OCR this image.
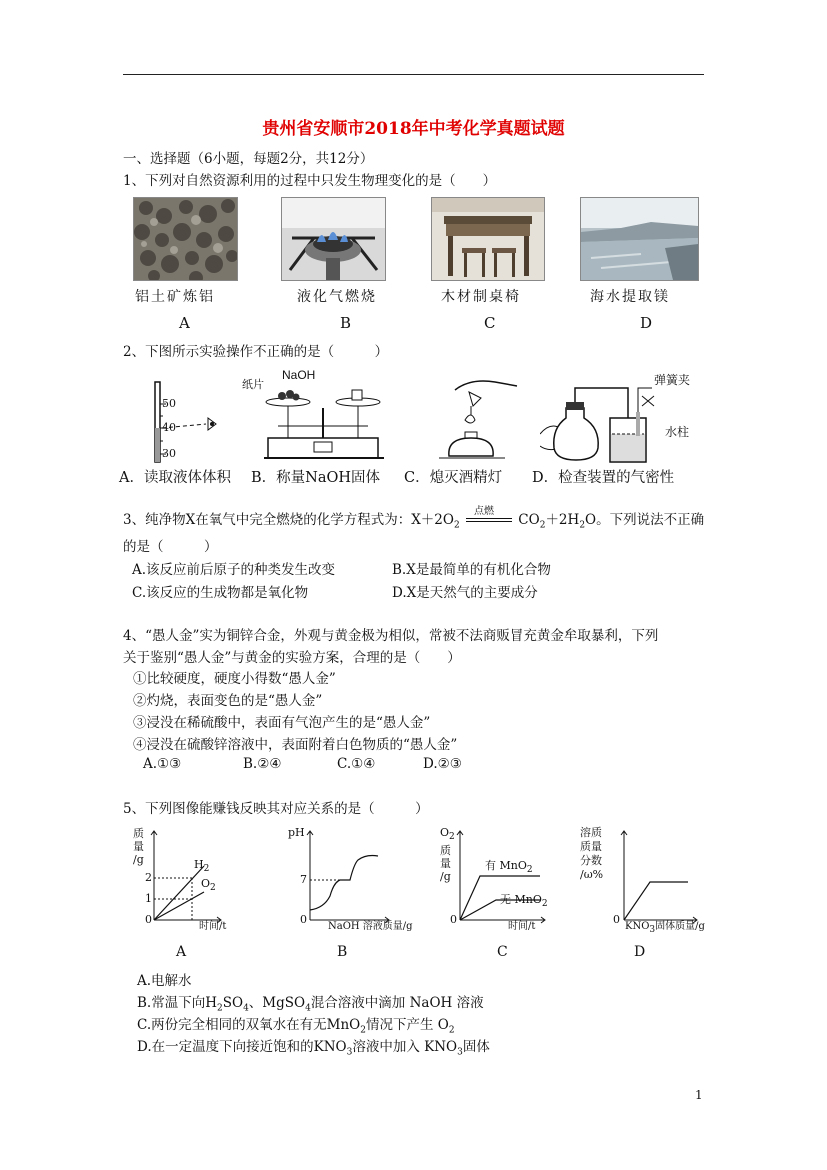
贵州省安顺市2018年中考化学真题试题
一、选择题（6小题，每题2分，共12分）
1、下列对自然资源利用的过程中只发生物理变化的是（　　）
铝土矿炼铝	液化气燃烧	木材制桌椅	海水提取镁
A	B	C	D
2、下图所示实验操作不正确的是（　　　）
50
40
30
纸片
NaOH	弹簧夹
水柱
A．读取液体体积 B．称量NaOH固体 C．熄灭酒精灯 D．检查装置的气密性
3、纯净物X在氧气中完全燃烧的化学方程式为：$X+2O_2$
点燃
$CO_2+2H_2O$。下列说法不正确
的是（　　　）
A.该反应前后原子的种类发生改变	B.X是最简单的有机化合物
C.该反应的生成物都是氧化物	D.X是天然气的主要成分
4、“愚人金”实为铜锌合金，外观与黄金极为相似，常被不法商贩冒充黄金牟取暴利，下列
关于鉴别“愚人金”与黄金的实验方案，合理的是（　　）
①比较硬度，硬度小得数“愚人金”
②灼烧，表面变色的是“愚人金”
③浸没在稀硫酸中，表面有气泡产生的是“愚人金”
④浸没在硫酸锌溶液中，表面附着白色物质的“愚人金”
A.①③	B.②④	C.①④	D.②③
5、下列图像能赚钱反映其对应关系的是（　　　）
质
量
/g
2
1
0
$H_2$
$O_2$
时间/t
pH
7
0
NaOH 溶液质量/g
$O_2$
质
量
/g
0
有 MnO$_2$
无 MnO$_2$
时间/t
溶质
质量
分数
/ω%
0
$KNO_3$固体质量/g
A	B	C	D
A.电解水
B.常温下向$H_2SO_4$、MgSO$_4$混合溶液中滴加 NaOH 溶液
C.两份完全相同的双氧水在有无MnO$_2$情况下产生 $O_2$
D.在一定温度下向接近饱和的$KNO_3$溶液中加入 $KNO_3$固体
1
